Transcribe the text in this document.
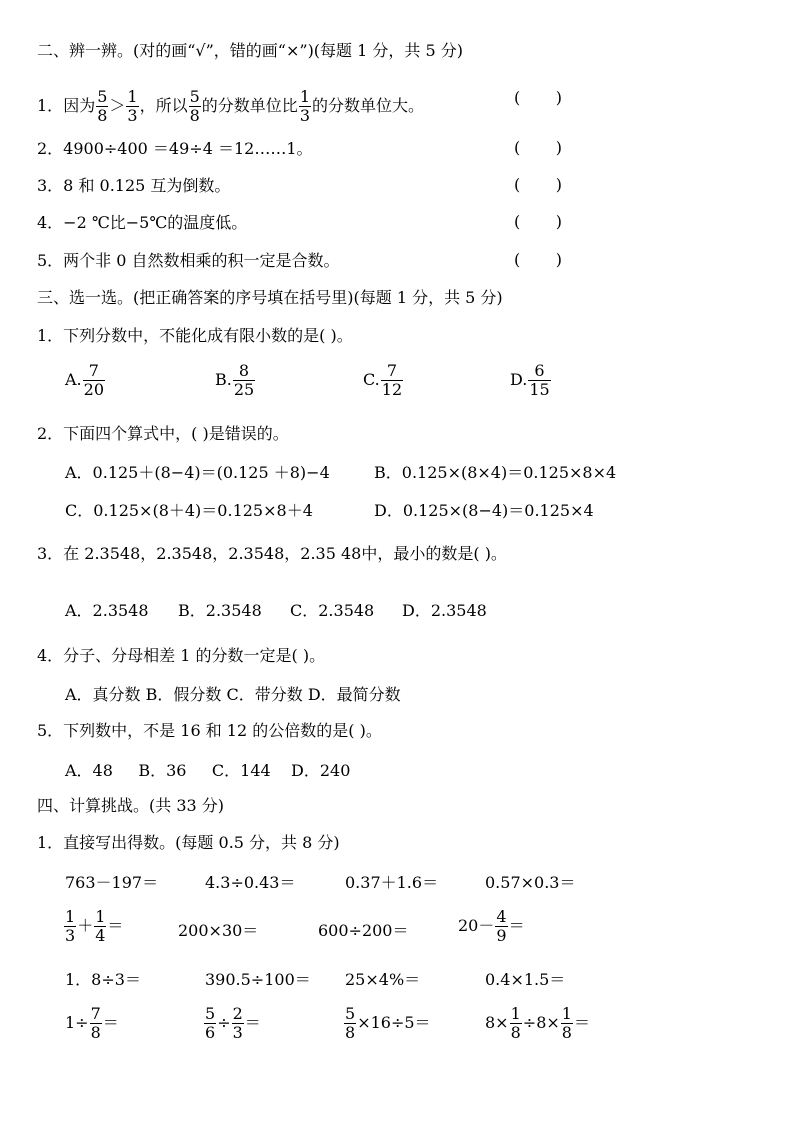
二、辨一辨。(对的画“√”，错的画“×”)(每题 1 分，共 5 分)
1．因为 $\frac{5}{8} > \frac{1}{3}$ ，所以 $\frac{5}{8}$ 的分数单位比 $\frac{1}{3}$ 的分数单位大。	( )
2．4900÷400 ＝49÷4 ＝12……1。	( )
3．8 和 0.125 互为倒数。	( )
4．−2 ℃比−5℃的温度低。	( )
5．两个非 0 自然数相乘的积一定是合数。	( )
三、选一选。(把正确答案的序号填在括号里)(每题 1 分，共 5 分)
1．下列分数中，不能化成有限小数的是( )。
A. $\frac{7}{20}$	B. $\frac{8}{25}$	C. $\frac{7}{12}$	D. $\frac{6}{15}$
2．下面四个算式中，( )是错误的。
A．0.125＋(8−4)＝(0.125 ＋8)−4	B．0.125×(8×4)＝0.125×8×4
C．0.125×(8＋4)＝0.125×8＋4	D．0.125×(8−4)＝0.125×4
3．在 2.3548，2.3548，2.3548，2.35 48中，最小的数是( )。
A．2.3548 B．2.3548 C．2.3548 D．2.3548
4．分子、分母相差 1 的分数一定是( )。
A．真分数 B．假分数 C．带分数 D．最简分数
5．下列数中，不是 16 和 12 的公倍数的是( )。
A．48     B．36     C．144    D．240
四、计算挑战。(共 33 分)
1．直接写出得数。(每题 0.5 分，共 8 分)
763－197＝	4.3÷0.43＝	0.37＋1.6＝	0.57×0.3＝
$\frac{1}{3} + \frac{1}{4}$ ＝	200×30＝	600÷200＝	$20- \frac{4}{9}$ ＝
1．8÷3＝	390.5÷100＝ 25×4%＝	0.4×1.5＝
$1\div \frac{7}{8}$ ＝	$\frac{5}{6} \div \frac{2}{3}$ ＝	$\frac{5}{8} \times 16\div 5=$	$8\times \frac{1}{8} \div 8\times \frac{1}{8}$ ＝
